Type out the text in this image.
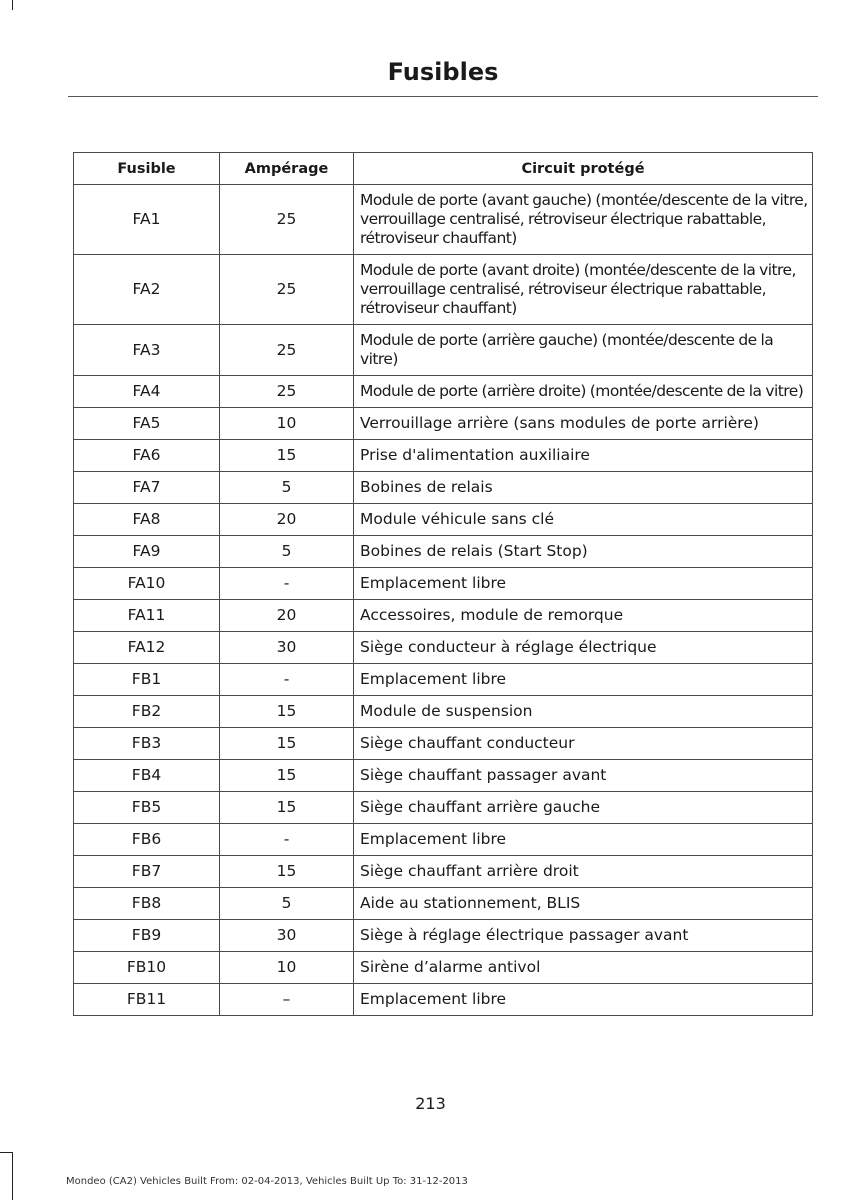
Fusibles
Fusible	Ampérage	Circuit protégé
FA1	25	Module de porte (avant gauche) (montée/descente de la vitre, verrouillage centralisé, rétroviseur électrique rabattable, rétroviseur chauffant)
FA2	25	Module de porte (avant droite) (montée/descente de la vitre, verrouillage centralisé, rétroviseur électrique rabattable, rétroviseur chauffant)
FA3	25	Module de porte (arrière gauche) (montée/descente de la vitre)
FA4	25	Module de porte (arrière droite) (montée/descente de la vitre)
FA5	10	Verrouillage arrière (sans modules de porte arrière)
FA6	15	Prise d'alimentation auxiliaire
FA7	5	Bobines de relais
FA8	20	Module véhicule sans clé
FA9	5	Bobines de relais (Start Stop)
FA10	-	Emplacement libre
FA11	20	Accessoires, module de remorque
FA12	30	Siège conducteur à réglage électrique
FB1	-	Emplacement libre
FB2	15	Module de suspension
FB3	15	Siège chauffant conducteur
FB4	15	Siège chauffant passager avant
FB5	15	Siège chauffant arrière gauche
FB6	-	Emplacement libre
FB7	15	Siège chauffant arrière droit
FB8	5	Aide au stationnement, BLIS
FB9	30	Siège à réglage électrique passager avant
FB10	10	Sirène d’alarme antivol
FB11	–	Emplacement libre
213
Mondeo (CA2) Vehicles Built From: 02-04-2013, Vehicles Built Up To: 31-12-2013
